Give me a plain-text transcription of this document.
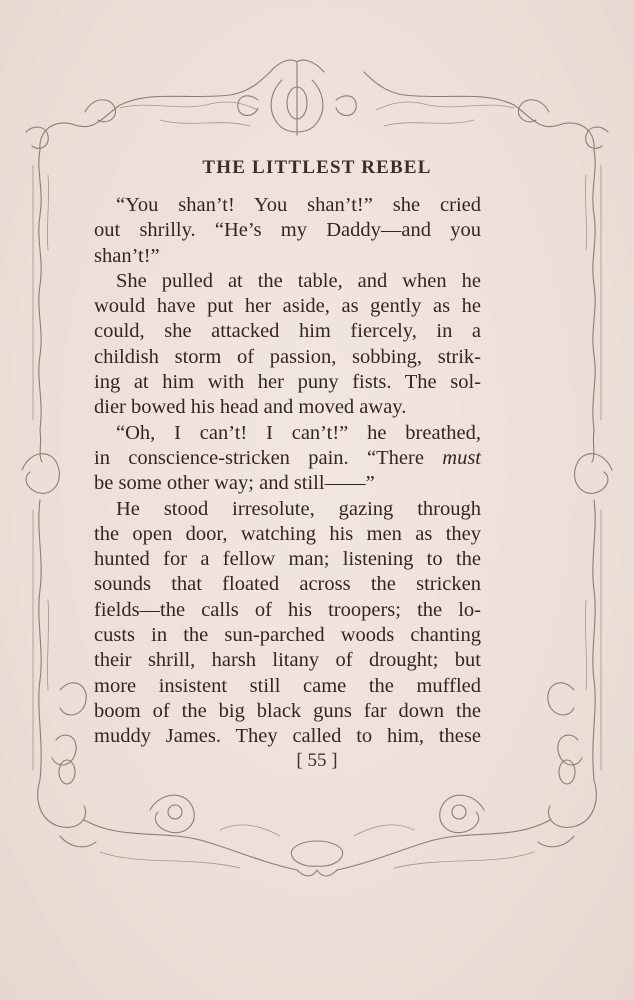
THE LITTLEST REBEL
“You shan’t! You shan’t!” she cried
out shrilly. “He’s my Daddy—and you
shan’t!”
She pulled at the table, and when he
would have put her aside, as gently as he
could, she attacked him fiercely, in a
childish storm of passion, sobbing, strik-
ing at him with her puny fists. The sol-
dier bowed his head and moved away.
“Oh, I can’t! I can’t!” he breathed,
in conscience-stricken pain. “There must
be some other way; and still——”
He stood irresolute, gazing through
the open door, watching his men as they
hunted for a fellow man; listening to the
sounds that floated across the stricken
fields—the calls of his troopers; the lo-
custs in the sun-parched woods chanting
their shrill, harsh litany of drought; but
more insistent still came the muffled
boom of the big black guns far down the
muddy James. They called to him, these
[ 55 ]
